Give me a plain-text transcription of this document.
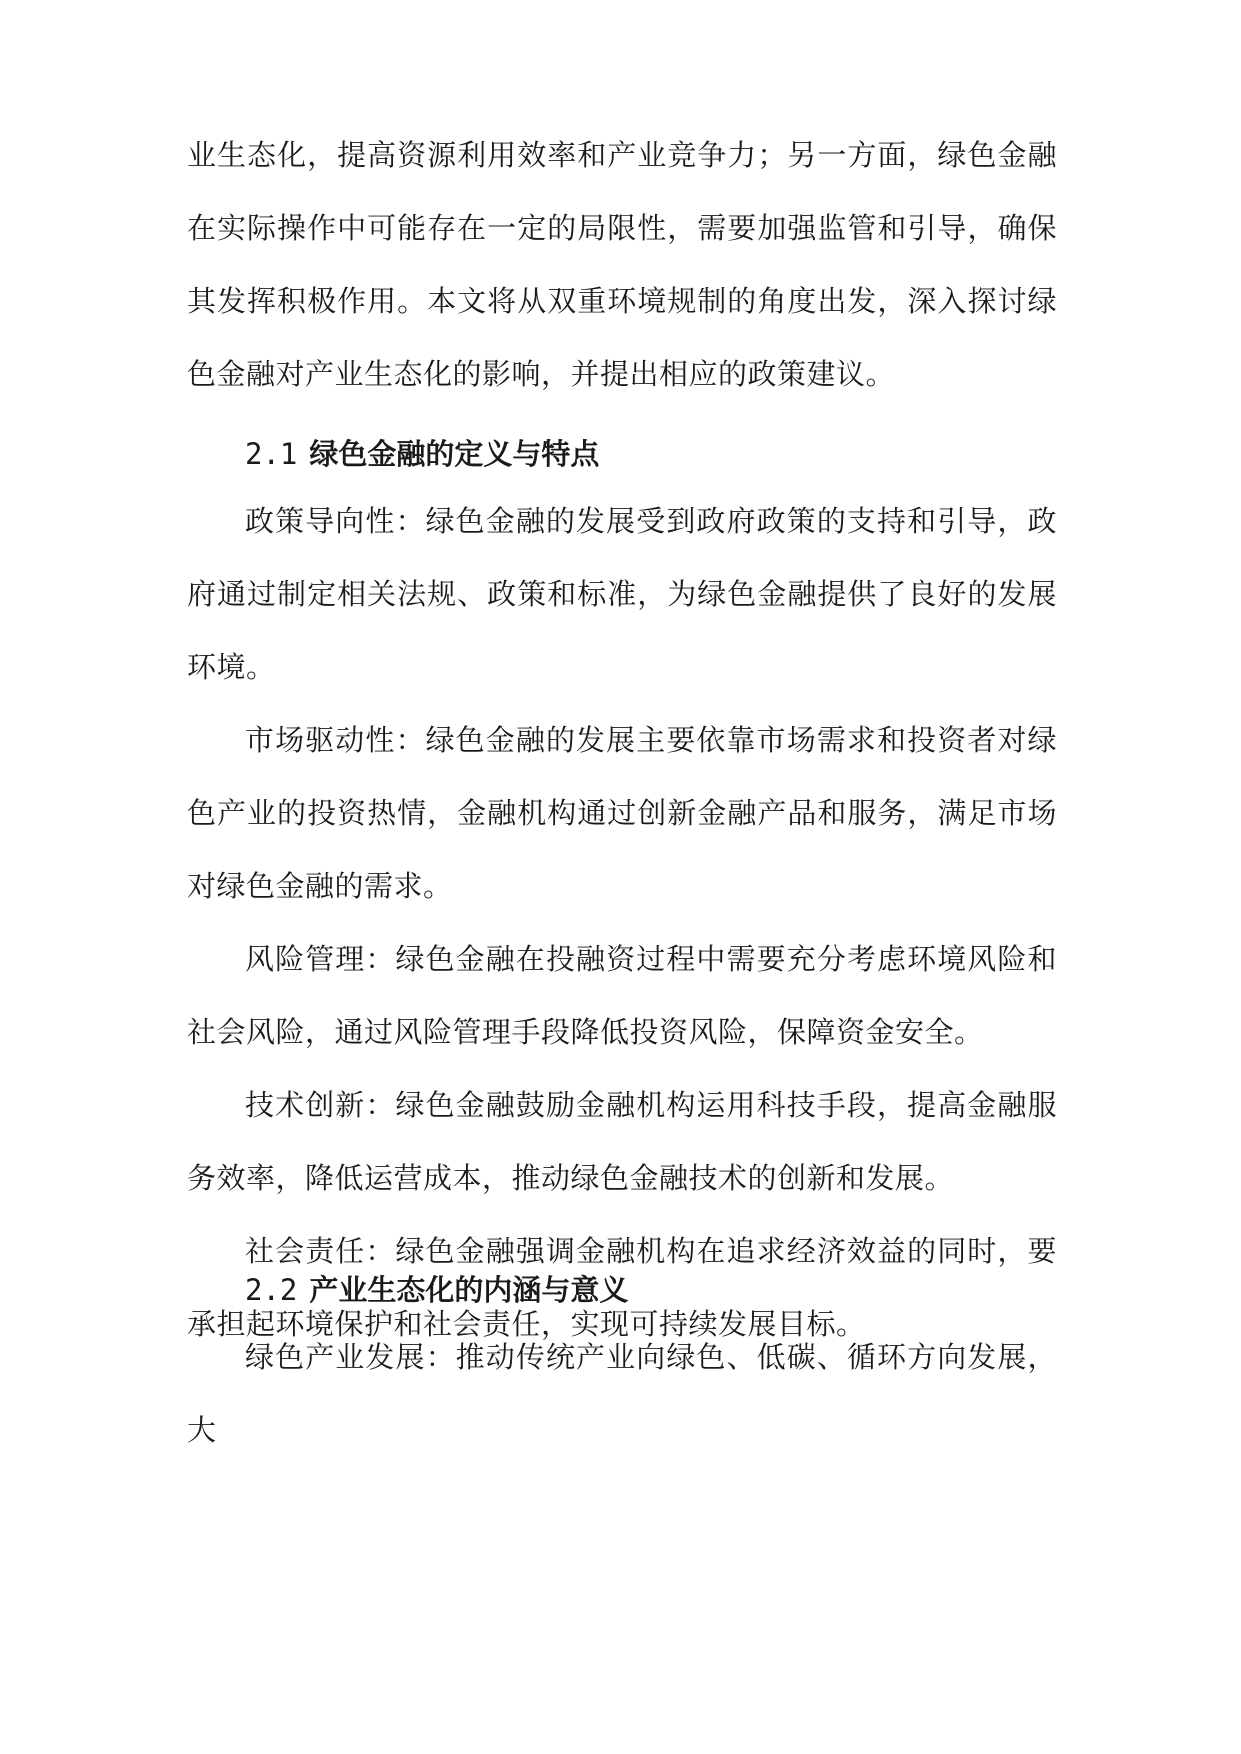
业生态化，提高资源利用效率和产业竞争力；另一方面，绿色金融在实际操作中可能存在一定的局限性，需要加强监管和引导，确保其发挥积极作用。本文将从双重环境规制的角度出发，深入探讨绿色金融对产业生态化的影响，并提出相应的政策建议。

2.1 绿色金融的定义与特点

政策导向性：绿色金融的发展受到政府政策的支持和引导，政府通过制定相关法规、政策和标准，为绿色金融提供了良好的发展环境。

市场驱动性：绿色金融的发展主要依靠市场需求和投资者对绿色产业的投资热情，金融机构通过创新金融产品和服务，满足市场对绿色金融的需求。

风险管理：绿色金融在投融资过程中需要充分考虑环境风险和社会风险，通过风险管理手段降低投资风险，保障资金安全。

技术创新：绿色金融鼓励金融机构运用科技手段，提高金融服务效率，降低运营成本，推动绿色金融技术的创新和发展。

社会责任：绿色金融强调金融机构在追求经济效益的同时，要承担起环境保护和社会责任，实现可持续发展目标。

2.2 产业生态化的内涵与意义

绿色产业发展：推动传统产业向绿色、低碳、循环方向发展，大
